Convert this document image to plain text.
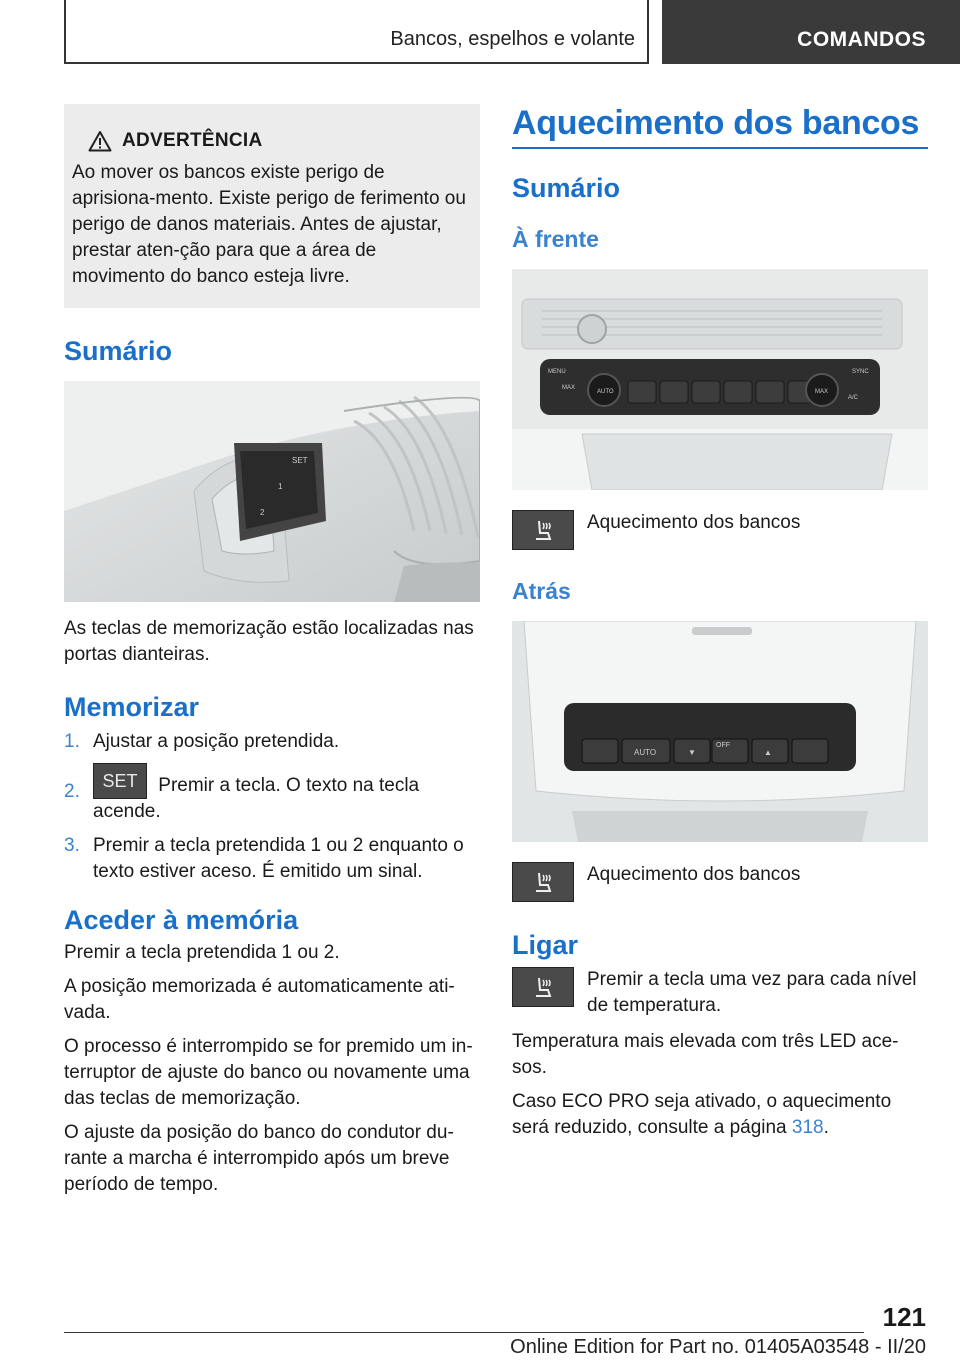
Bancos, espelhos e volante	COMANDOS
ADVERTÊNCIA

Ao mover os bancos existe perigo de aprisiona-mento. Existe perigo de ferimento ou perigo de danos materiais. Antes de ajustar, prestar aten-ção para que a área de movimento do banco esteja livre.

Sumário
SET
1
2

As teclas de memorização estão localizadas nas portas dianteiras.

Memorizar
1. Ajustar a posição pretendida.
2.	SET Premir a tecla. O texto na tecla acende.
3. Premir a tecla pretendida 1 ou 2 enquanto o texto estiver aceso. É emitido um sinal.
Aceder à memória

Premir a tecla pretendida 1 ou 2.

A posição memorizada é automaticamente ati-vada.

O processo é interrompido se for premido um in-terruptor de ajuste do banco ou novamente uma das teclas de memorização.

O ajuste da posição do banco do condutor du-rante a marcha é interrompido após um breve período de tempo.

Aquecimento dos bancos
Sumário
À frente
MENU
MAX
AUTO	MAX
SYNC
A/C
Aquecimento dos bancos
Atrás
AUTO	▼
OFF
▲
Aquecimento dos bancos
Ligar
Premir a tecla uma vez para cada nível de temperatura.

Temperatura mais elevada com três LED ace-sos.

Caso ECO PRO seja ativado, o aquecimento será reduzido, consulte a página 318.

121
Online Edition for Part no. 01405A03548 - II/20
